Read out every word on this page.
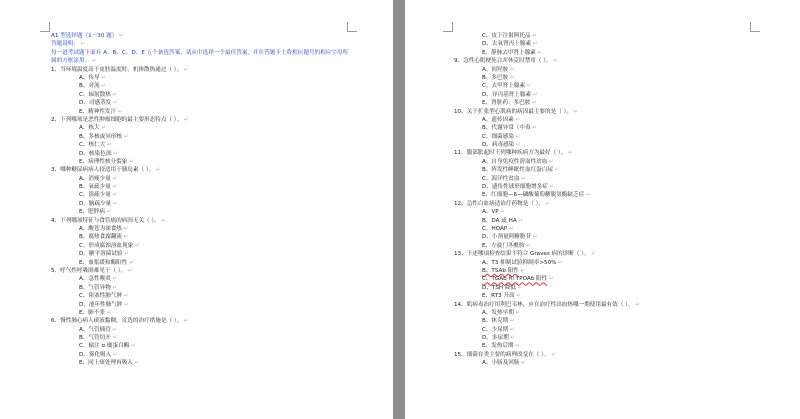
A1 型选择题（1～30 题） ↵
答题说明： ↵
每一道考试题下面有 A、B、C、D、E 五个备选答案，请从中选择一个最佳答案，并在答题卡上将相应题号的相应字母所属的方框涂黑。 ↵
1、当环境温度高于皮肤温度时，机体散热通过（ ）。 ↵
A、传导 ↵
B、对流 ↵
C、辐射散热 ↵
D、司感蒸发 ↵
E、精神性发汗 ↵
2、下列哪项是恶性肿瘤细胞的最主要形态特点（ ）。 ↵
A、核大 ↵
B、多核或异形核 ↵
C、核仁大 ↵
D、核染色深 ↵
E、病理性核分裂象 ↵
3、哪种糖尿病病人较适用于胰岛素（ ）。 ↵
A、消瘦少量 ↵
B、氧疏少量 ↵
C、盗疏少量 ↵
D、脑疏少量 ↵
E、肥胖病 ↵
4、下列哪项特征与食管癌的病因无关（ ）。 ↵
A、酸苍为深食热 ↵
B、腐热食腐翻流 ↵
C、形成腐蚀溶血现象 ↵
D、糖平溶菌试验 ↵
E、血浆缓和酶阳性 ↵
5、呼气性呼吸困难见于（ ）。 ↵
A、急性喉炎 ↵
B、气管异物 ↵
C、阻塞性肺气肿 ↵
D、池年性肺气肿 ↵
E、肺不张 ↵
6、慢性肺心病人痰液黏稠，首选的治疗措施是（ ）。 ↵
A、气管插管 ↵
B、气管切开 ↵
C、输注 α 糜蛋白酶 ↵
D、雾化吸入 ↵
E、同上痰处理再吸入 ↵
C、皮下注射阿托品 ↵
D、去氧肾丙上腺素 ↵
E、静脉去甲肾上腺素 ↵
9、急性心肌梗死合并休克时禁用（ ）。 ↵
A、间羟胺 ↵
B、多巴胺 ↵
C、去甲肾上腺素 ↵
D、异丙基肾上腺素 ↵
E、肾脏药：多巴胺 ↵
10、关于扩张型心肌病的病因最主要的是（ ）。 ↵
A、遗传因素 ↵
B、代谢异常（中毒 ↵
C、细菌感染 ↵
D、病毒感染 ↵
11、腹部胀起时下列哪种疾病方为最好（ ）。 ↵
A、自身免疫性溶血性贫血 ↵
B、阵发性睡眠性血红蛋白尿 ↵
C、海洋性贫血 ↵
D、遗传性球形细胞增多症 ↵
E、红细胞—6—磷酸葡萄糖脱氢酶缺乏症 ↵
12、急性白血病适治疗药物是（ ）。 ↵
A、VP ↵
B、DA 或 HA ↵
C、HOAP ↵
D、小剂量阿糖胞苷 ↵
E、左旋门冬酰胺 ↵
13、下述哪项检查结果不符合 Graves 病的诊断（ ）。 ↵
A、T3 抑制试验抑制率>50% ↵
B、TSAb 阳性 ↵
C、TGAb 和 TPOAb 阳性 ↵
D、TSH 降低 ↵
E、RT3 升高 ↵
14、肌病毒治疗用利巴韦林，应在治疗性出血热哪一期使用最有效（ ）。 ↵
A、发热早期 ↵
B、休克期 ↵
C、少尿期 ↵
D、多尿期 ↵
E、发热后期 ↵
15、细菌存类主要的病理改变在（ ）。 ↵
A、小肠及回肠 ↵
